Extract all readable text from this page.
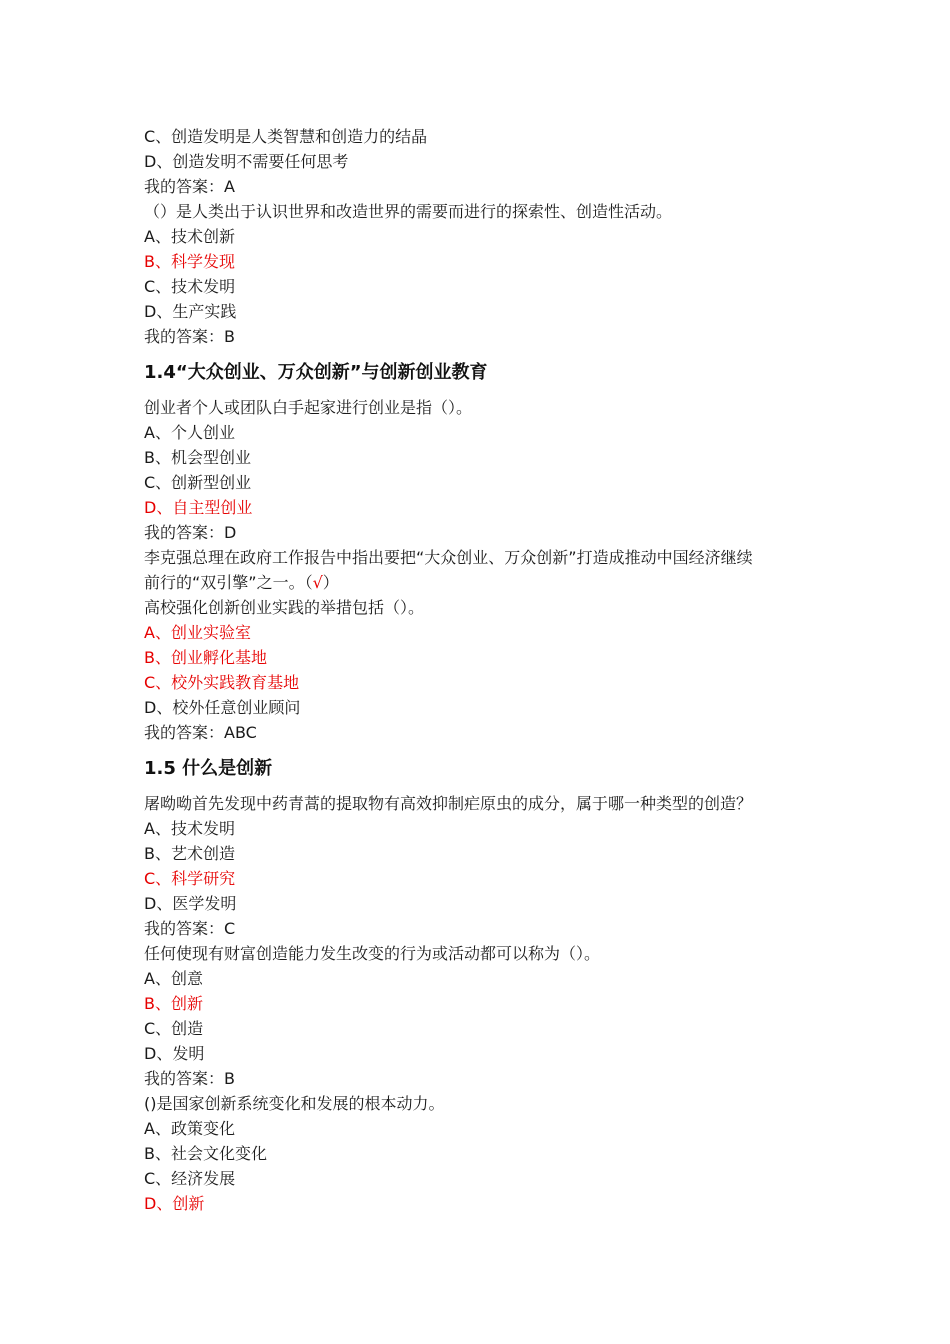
C、创造发明是人类智慧和创造力的结晶
D、创造发明不需要任何思考
我的答案：A
（）是人类出于认识世界和改造世界的需要而进行的探索性、创造性活动。
A、技术创新
B、科学发现
C、技术发明
D、生产实践
我的答案：B
1.4“大众创业、万众创新”与创新创业教育
创业者个人或团队白手起家进行创业是指（）。
A、个人创业
B、机会型创业
C、创新型创业
D、自主型创业
我的答案：D
李克强总理在政府工作报告中指出要把“大众创业、万众创新”打造成推动中国经济继续
前行的“双引擎”之一。（√）
高校强化创新创业实践的举措包括（）。
A、创业实验室
B、创业孵化基地
C、校外实践教育基地
D、校外任意创业顾问
我的答案：ABC
1.5 什么是创新
屠呦呦首先发现中药青蒿的提取物有高效抑制疟原虫的成分，属于哪一种类型的创造？
A、技术发明
B、艺术创造
C、科学研究
D、医学发明
我的答案：C
任何使现有财富创造能力发生改变的行为或活动都可以称为（）。
A、创意
B、创新
C、创造
D、发明
我的答案：B
()是国家创新系统变化和发展的根本动力。
A、政策变化
B、社会文化变化
C、经济发展
D、创新
